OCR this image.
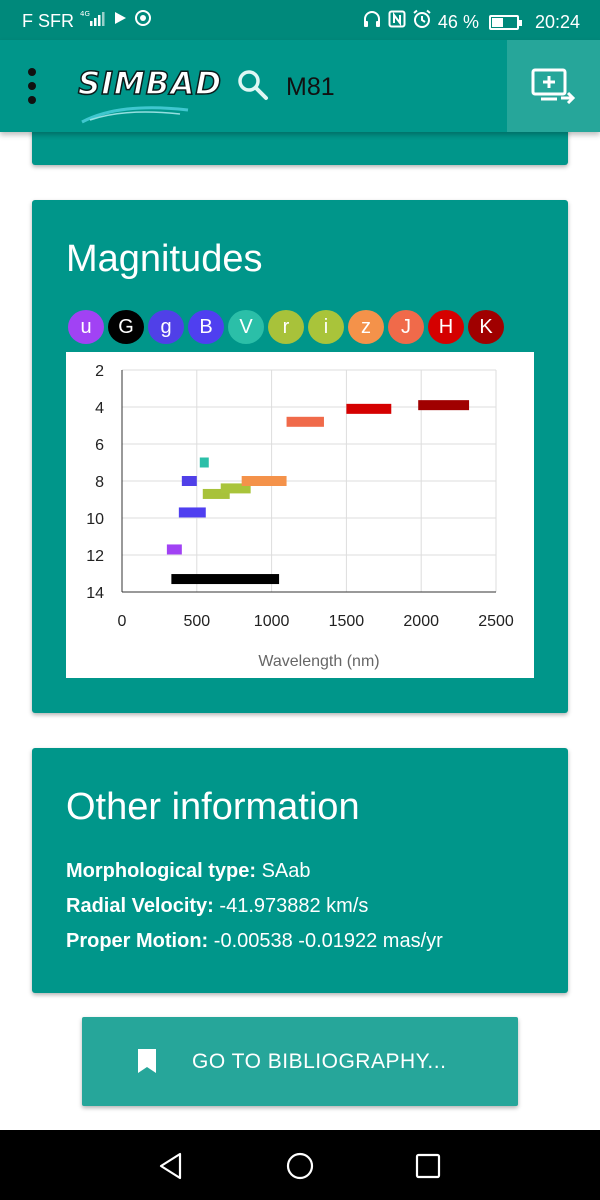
F SFR 4G	46 %	20:24
SIMBAD	M81
Magnitudes
u	G	g	B	V	r	i	z	J	H	K
2
4
6
8
10
12
14
0	500	1000 1500 2000 2500
Wavelength (nm)
Other information
Morphological type: SAab
Radial Velocity: -41.973882 km/s
Proper Motion: -0.00538 -0.01922 mas/yr
GO TO BIBLIOGRAPHY...
